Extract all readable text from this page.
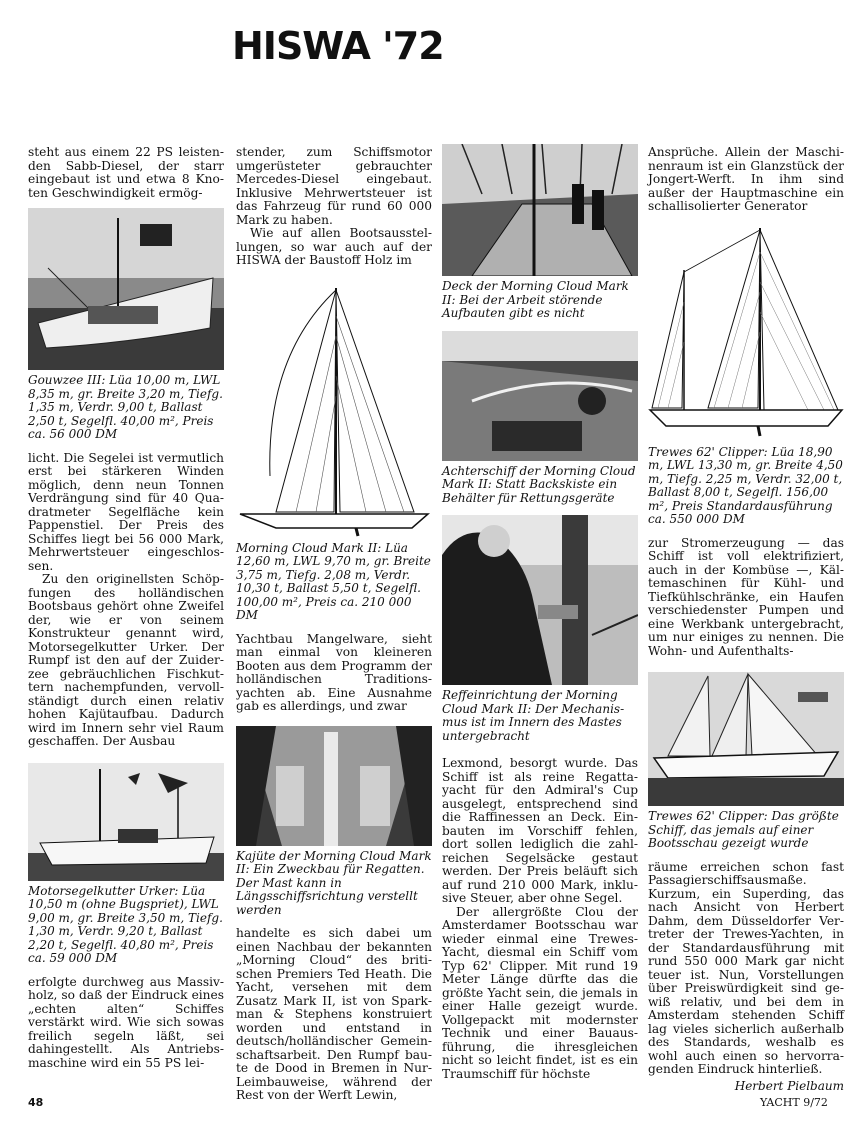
HISWA '72

steht aus einem 22 PS leistenden Sabb-Diesel, der starr eingebaut ist und etwa 8 Knoten Geschwindigkeit ermög-

Gouwzee III: Lüa 10,00 m, LWL 8,35 m, gr. Breite 3,20 m, Tiefg. 1,35 m, Verdr. 9,00 t, Ballast 2,50 t, Segelfl. 40,00 m², Preis ca. 56 000 DM

licht. Die Segelei ist vermutlich erst bei stärkeren Winden möglich, denn neun Tonnen Verdrängung sind für 40 Quadratmeter Segelfläche kein Pappenstiel. Der Preis des Schiffes liegt bei 56 000 Mark, Mehrwertsteuer eingeschlossen.

Zu den originellsten Schöpfungen des holländischen Bootsbaus gehört ohne Zweifel der, wie er von seinem Konstrukteur genannt wird, Motorsegelkutter Urker. Der Rumpf ist den auf der Zuiderzee gebräuchlichen Fischkuttern nachempfunden, vervollständigt durch einen relativ hohen Kajütaufbau. Dadurch wird im Innern sehr viel Raum geschaffen. Der Ausbau

Motorsegelkutter Urker: Lüa 10,50 m (ohne Bugspriet), LWL 9,00 m, gr. Breite 3,50 m, Tiefg. 1,30 m, Verdr. 9,20 t, Ballast 2,20 t, Segelfl. 40,80 m², Preis ca. 59 000 DM

erfolgte durchweg aus Massivholz, so daß der Eindruck eines „echten alten“ Schiffes verstärkt wird. Wie sich sowas freilich segeln läßt, sei dahingestellt. Als Antriebsmaschine wird ein 55 PS lei-

stender, zum Schiffsmotor umgerüsteter gebrauchter Mercedes-Diesel eingebaut. Inklusive Mehrwertsteuer ist das Fahrzeug für rund 60 000 Mark zu haben.

Wie auf allen Bootsausstellungen, so war auch auf der HISWA der Baustoff Holz im

Morning Cloud Mark II: Lüa 12,60 m, LWL 9,70 m, gr. Breite 3,75 m, Tiefg. 2,08 m, Verdr. 10,30 t, Ballast 5,50 t, Segelfl. 100,00 m², Preis ca. 210 000 DM

Yachtbau Mangelware, sieht man einmal von kleineren Booten aus dem Programm der holländischen Traditionsyachten ab. Eine Ausnahme gab es allerdings, und zwar

Kajüte der Morning Cloud Mark II: Ein Zweckbau für Regatten. Der Mast kann in Längsschiffsrichtung verstellt werden

handelte es sich dabei um einen Nachbau der bekannten „Morning Cloud“ des britischen Premiers Ted Heath. Die Yacht, versehen mit dem Zusatz Mark II, ist von Sparkman & Stephens konstruiert worden und entstand in deutsch/holländischer Gemeinschaftsarbeit. Den Rumpf baute de Dood in Bremen in NurLeimbauweise, während der Rest von der Werft Lewin,

Deck der Morning Cloud Mark II: Bei der Arbeit störende Aufbauten gibt es nicht
Achterschiff der Morning Cloud Mark II: Statt Backskiste ein Behälter für Rettungsgeräte
Reffeinrichtung der Morning Cloud Mark II: Der Mechanismus ist im Innern des Mastes untergebracht

Lexmond, besorgt wurde. Das Schiff ist als reine Regattayacht für den Admiral's Cup ausgelegt, entsprechend sind die Raffinessen an Deck. Einbauten im Vorschiff fehlen, dort sollen lediglich die zahlreichen Segelsäcke gestaut werden. Der Preis beläuft sich auf rund 210 000 Mark, inklusive Steuer, aber ohne Segel.

Der allergrößte Clou der Amsterdamer Bootsschau war wieder einmal eine Trewes-Yacht, diesmal ein Schiff vom Typ 62' Clipper. Mit rund 19 Meter Länge dürfte das die größte Yacht sein, die jemals in einer Halle gezeigt wurde. Vollgepackt mit modernster Technik und einer Bauausführung, die ihresgleichen nicht so leicht findet, ist es ein Traumschiff für höchste

Ansprüche. Allein der Maschinenraum ist ein Glanzstück der Jongert-Werft. In ihm sind außer der Hauptmaschine ein schallisolierter Generator

Trewes 62' Clipper: Lüa 18,90 m, LWL 13,30 m, gr. Breite 4,50 m, Tiefg. 2,25 m, Verdr. 32,00 t, Ballast 8,00 t, Segelfl. 156,00 m², Preis Standardausführung ca. 550 000 DM

zur Stromerzeugung — das Schiff ist voll elektrifiziert, auch in der Kombüse —, Kältemaschinen für Kühl- und Tiefkühlschränke, ein Haufen verschiedenster Pumpen und eine Werkbank untergebracht, um nur einiges zu nennen. Die Wohn- und Aufenthalts-

Trewes 62' Clipper: Das größte Schiff, das jemals auf einer Bootsschau gezeigt wurde

räume erreichen schon fast Passagierschiffsausmaße. Kurzum, ein Superding, das nach Ansicht von Herbert Dahm, dem Düsseldorfer Vertreter der Trewes-Yachten, in der Standardausführung mit rund 550 000 Mark gar nicht teuer ist. Nun, Vorstellungen über Preiswürdigkeit sind gewiß relativ, und bei dem in Amsterdam stehenden Schiff lag vieles sicherlich außerhalb des Standards, weshalb es wohl auch einen so hervorragenden Eindruck hinterließ.

Herbert Pielbaum
48	YACHT 9/72
